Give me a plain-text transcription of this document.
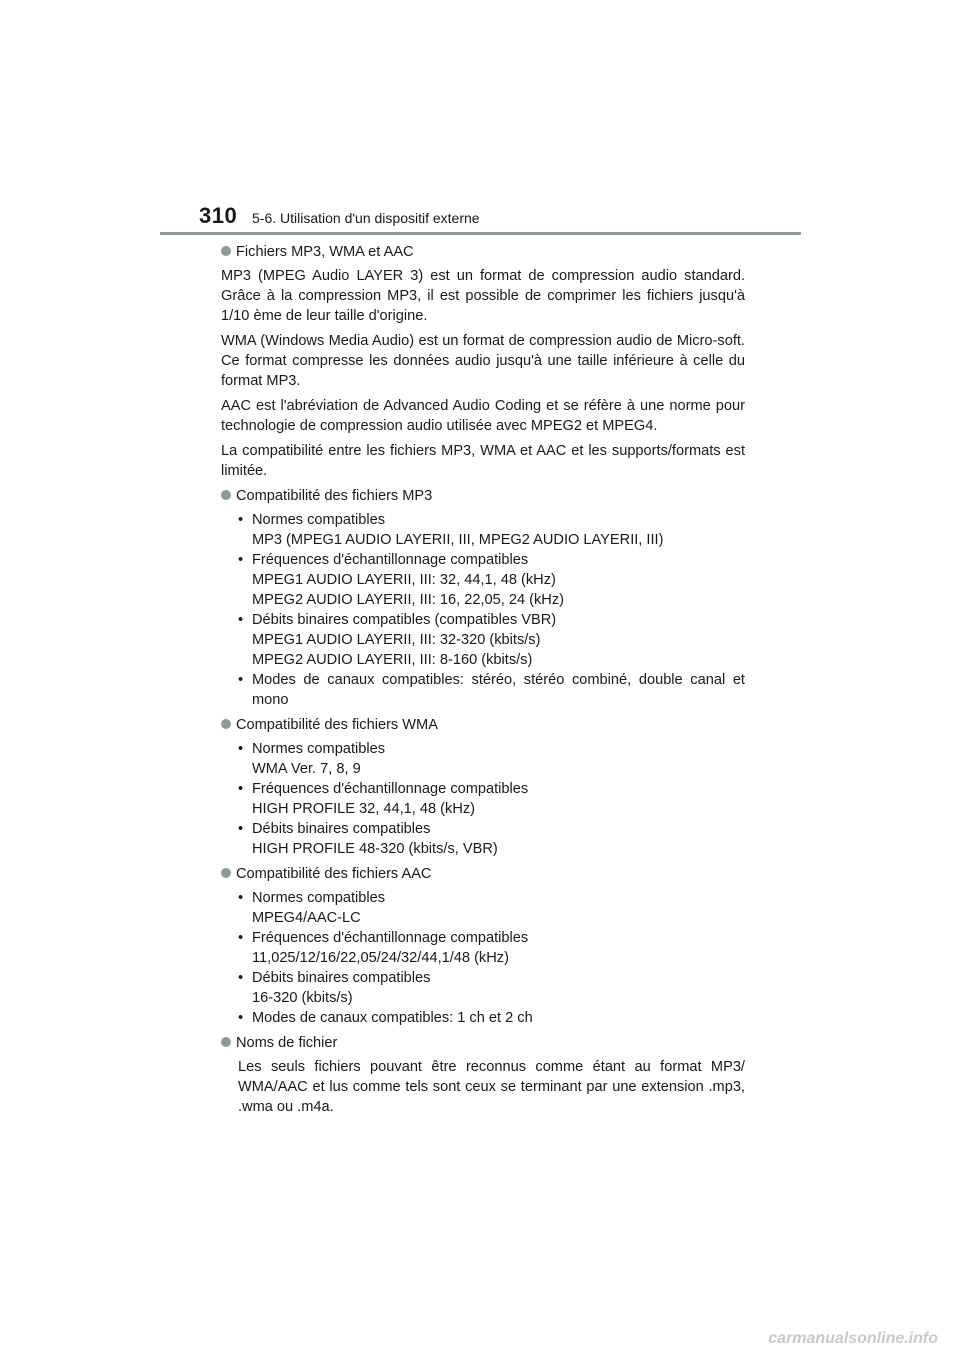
310 5-6. Utilisation d'un dispositif externe
Fichiers MP3, WMA et AAC

MP3 (MPEG Audio LAYER 3) est un format de compression audio standard. Grâce à la compression MP3, il est possible de comprimer les fichiers jusqu'à 1/10 ème de leur taille d'origine.

WMA (Windows Media Audio) est un format de compression audio de Micro-soft. Ce format compresse les données audio jusqu'à une taille inférieure à celle du format MP3.

AAC est l'abréviation de Advanced Audio Coding et se réfère à une norme pour technologie de compression audio utilisée avec MPEG2 et MPEG4.

La compatibilité entre les fichiers MP3, WMA et AAC et les supports/formats est limitée.

Compatibilité des fichiers MP3
• Normes compatibles
MP3 (MPEG1 AUDIO LAYERII, III, MPEG2 AUDIO LAYERII, III)
• Fréquences d'échantillonnage compatibles
MPEG1 AUDIO LAYERII, III: 32, 44,1, 48 (kHz)
MPEG2 AUDIO LAYERII, III: 16, 22,05, 24 (kHz)
• Débits binaires compatibles (compatibles VBR)
MPEG1 AUDIO LAYERII, III: 32-320 (kbits/s)
MPEG2 AUDIO LAYERII, III: 8-160 (kbits/s)
• Modes de canaux compatibles: stéréo, stéréo combiné, double canal et mono
Compatibilité des fichiers WMA
• Normes compatibles
WMA Ver. 7, 8, 9
• Fréquences d'échantillonnage compatibles
HIGH PROFILE 32, 44,1, 48 (kHz)
• Débits binaires compatibles
HIGH PROFILE 48-320 (kbits/s, VBR)
Compatibilité des fichiers AAC
• Normes compatibles
MPEG4/AAC-LC
• Fréquences d'échantillonnage compatibles
11,025/12/16/22,05/24/32/44,1/48 (kHz)
• Débits binaires compatibles
16-320 (kbits/s)
• Modes de canaux compatibles: 1 ch et 2 ch
Noms de fichier

Les seuls fichiers pouvant être reconnus comme étant au format MP3/ WMA/AAC et lus comme tels sont ceux se terminant par une extension .mp3, .wma ou .m4a.

carmanualsonline.info
